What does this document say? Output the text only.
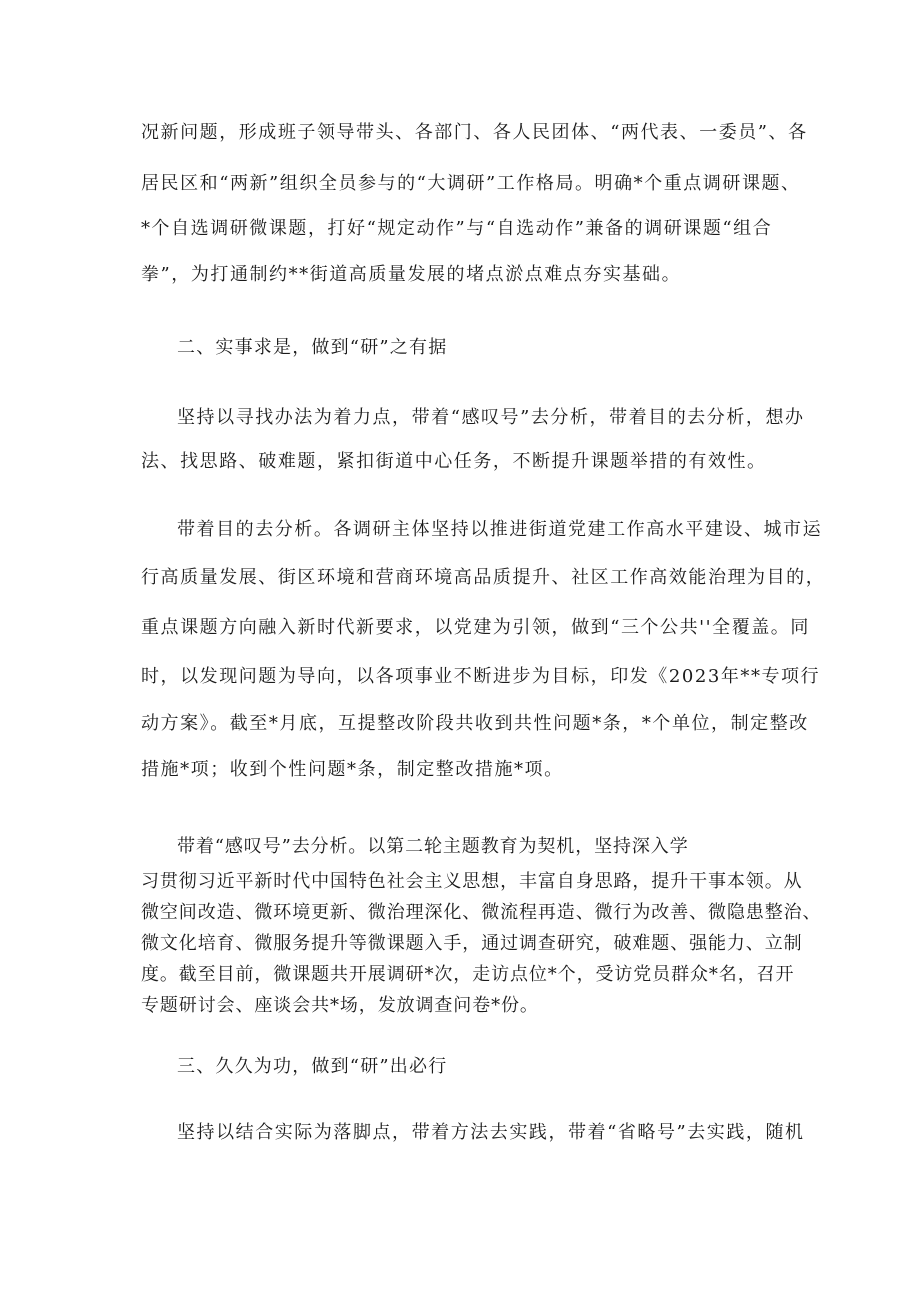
况新问题，形成班子领导带头、各部门、各人民团体、“两代表、一委员”、各
居民区和“两新”组织全员参与的“大调研”工作格局。明确*个重点调研课题、
*个自选调研微课题，打好“规定动作”与“自选动作”兼备的调研课题“组合
拳”，为打通制约**街道高质量发展的堵点淤点难点夯实基础。
二、实事求是，做到“研”之有据
坚持以寻找办法为着力点，带着“感叹号”去分析，带着目的去分析，想办
法、找思路、破难题，紧扣街道中心任务，不断提升课题举措的有效性。
带着目的去分析。各调研主体坚持以推进街道党建工作高水平建设、城市运
行高质量发展、街区环境和营商环境高品质提升、社区工作高效能治理为目的，
重点课题方向融入新时代新要求，以党建为引领，做到“三个公共''全覆盖。同
时，以发现问题为导向，以各项事业不断进步为目标，印发《2023年**专项行
动方案》。截至*月底，互提整改阶段共收到共性问题*条，*个单位，制定整改
措施*项；收到个性问题*条，制定整改措施*项。
带着“感叹号”去分析。以第二轮主题教育为契机，坚持深入学
习贯彻习近平新时代中国特色社会主义思想，丰富自身思路，提升干事本领。从
微空间改造、微环境更新、微治理深化、微流程再造、微行为改善、微隐患整治、
微文化培育、微服务提升等微课题入手，通过调查研究，破难题、强能力、立制
度。截至目前，微课题共开展调研*次，走访点位*个，受访党员群众*名，召开
专题研讨会、座谈会共*场，发放调查问卷*份。
三、久久为功，做到“研”出必行
坚持以结合实际为落脚点，带着方法去实践，带着“省略号”去实践，随机
